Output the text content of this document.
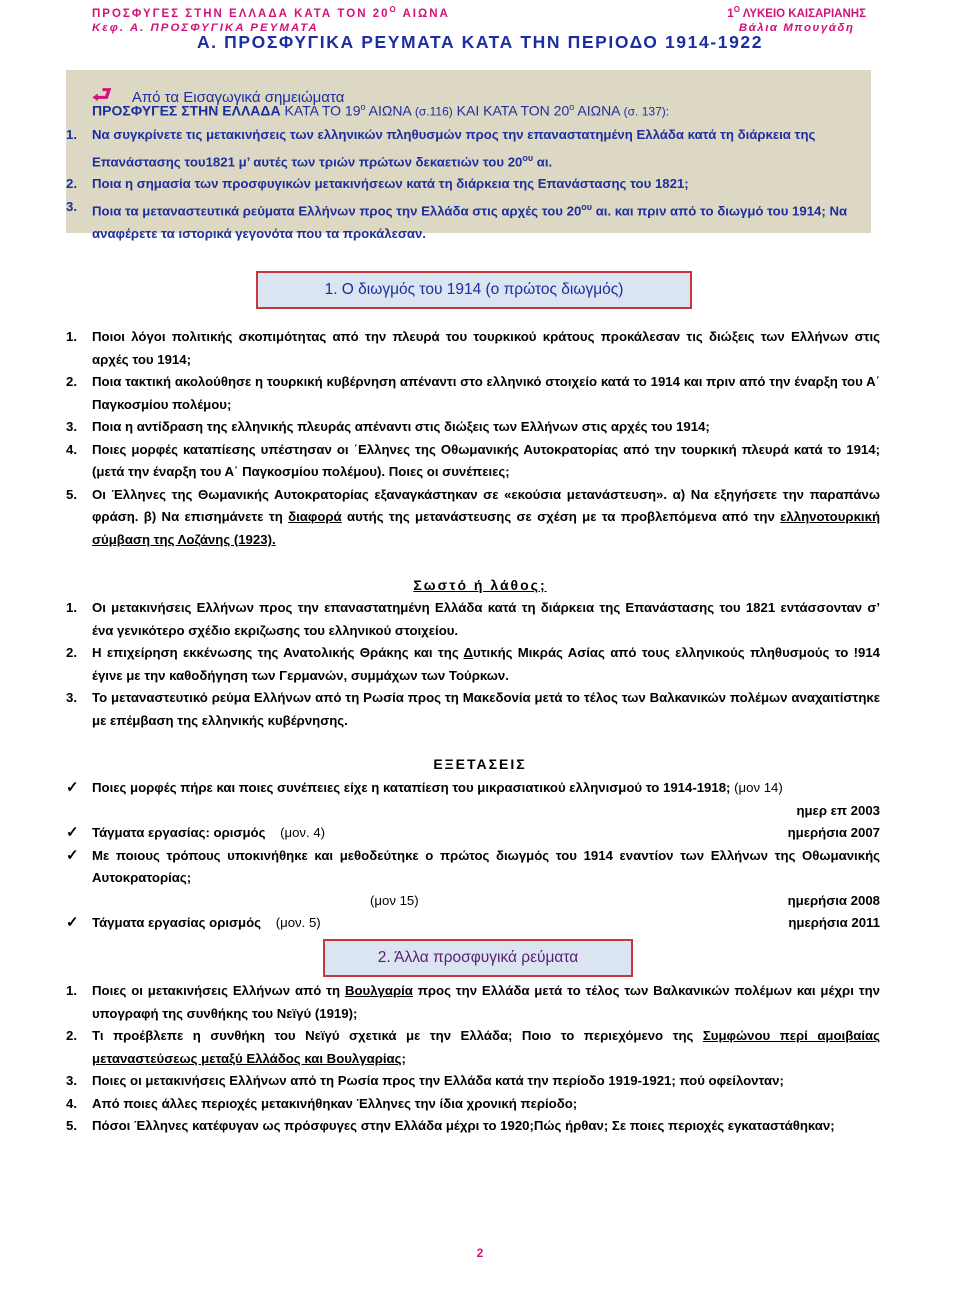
ΠΡΟΣΦΥΓΕΣ ΣΤΗΝ ΕΛΛΑΔΑ ΚΑΤΑ ΤΟΝ $20^O$ ΑΙΩΝΑ
Κεφ. Α. ΠΡΟΣΦΥΓΙΚΑ ΡΕΥΜΑΤΑ
$1^O$ ΛΥΚΕΙΟ ΚΑΙΣΑΡΙΑΝΗΣ
Βάλια Μπουγάδη
Α. ΠΡΟΣΦΥΓΙΚΑ ΡΕΥΜΑΤΑ ΚΑΤΑ ΤΗΝ ΠΕΡΙΟΔΟ 1914-1922
⮐ Από τα Εισαγωγικά σημειώματα
ΠΡΟΣΦΥΓΕΣ ΣΤΗΝ ΕΛΛΑΔΑ ΚΑΤΑ ΤΟ $19^o$ ΑΙΩΝΑ (σ.116) ΚΑΙ ΚΑΤΑ ΤΟΝ $20^o$ ΑΙΩΝΑ (σ. 137):
1.	Να συγκρίνετε τις μετακινήσεις των ελληνικών πληθυσμών προς την επαναστατημένη Ελλάδα κατά τη διάρκεια της Επανάστασης του1821 μ’ αυτές των τριών πρώτων δεκαετιών του $20^{o\upsilon}$ αι.
2.	Ποια η σημασία των προσφυγικών μετακινήσεων κατά τη διάρκεια της Επανάστασης του 1821;
3.	Ποια τα μεταναστευτικά ρεύματα Ελλήνων προς την Ελλάδα στις αρχές του $20^{o\upsilon}$ αι. και πριν από το διωγμό του 1914; Να αναφέρετε τα ιστορικά γεγονότα που τα προκάλεσαν.
1. Ο διωγμός του 1914 (ο πρώτος διωγμός)
1.	Ποιοι λόγοι πολιτικής σκοπιμότητας από την πλευρά του τουρκικού κράτους προκάλεσαν τις διώξεις των Ελλήνων στις αρχές του 1914;
2.	Ποια τακτική ακολούθησε η τουρκική κυβέρνηση απέναντι στο ελληνικό στοιχείο κατά το 1914 και πριν από την έναρξη του Α΄ Παγκοσμίου πολέμου;
3.	Ποια η αντίδραση της ελληνικής πλευράς απέναντι στις διώξεις των Ελλήνων στις αρχές του 1914;
4.	Ποιες μορφές καταπίεσης υπέστησαν οι ΄Ελληνες της Οθωμανικής Αυτοκρατορίας από την τουρκική πλευρά κατά το 1914; (μετά την έναρξη του Α΄ Παγκοσμίου πολέμου). Ποιες οι συνέπειες;
5.	Οι Έλληνες της Θωμανικής Αυτοκρατορίας εξαναγκάστηκαν σε «εκούσια μετανάστευση». α) Να εξηγήσετε την παραπάνω φράση. β) Να επισημάνετε τη διαφορά αυτής της μετανάστευσης σε σχέση με τα προβλεπόμενα από την ελληνοτουρκική σύμβαση της Λοζάνης (1923).
Σωστό ή λάθος;
1.	Οι μετακινήσεις Ελλήνων προς την επαναστατημένη Ελλάδα κατά τη διάρκεια της Επανάστασης του 1821 εντάσσονταν σ’ ένα γενικότερο σχέδιο εκριζωσης του ελληνικού στοιχείου.
2.	Η επιχείρηση εκκένωσης της Ανατολικής Θράκης και της Δυτικής Μικράς Ασίας από τους ελληνικούς πληθυσμούς το !914 έγινε με την καθοδήγηση των Γερμανών, συμμάχων των Τούρκων.
3.	Το μεταναστευτικό ρεύμα Ελλήνων από τη Ρωσία προς τη Μακεδονία μετά το τέλος των Βαλκανικών πολέμων αναχαιτίστηκε με επέμβαση της ελληνικής κυβέρνησης.
ΕΞΕΤΑΣΕΙΣ
✓	Ποιες μορφές πήρε και ποιες συνέπειες είχε η καταπίεση του μικρασιατικού ελληνισμού το 1914-1918; (μον 14)
ημερ επ 2003
✓	Τάγματα εργασίας: ορισμός (μον. 4)	ημερήσια 2007
✓	Με ποιους τρόπους υποκινήθηκε και μεθοδεύτηκε ο πρώτος διωγμός του 1914 εναντίον των Ελλήνων της Οθωμανικής Αυτοκρατορίας;
(μον 15)	ημερήσια 2008
✓	Τάγματα εργασίας ορισμός (μον. 5)	ημερήσια 2011
2. Άλλα προσφυγικά ρεύματα
1.	Ποιες οι μετακινήσεις Ελλήνων από τη Βουλγαρία προς την Ελλάδα μετά το τέλος των Βαλκανικών πολέμων και μέχρι την υπογραφή της συνθήκης του Νεϊγύ (1919);
2.	Τι προέβλεπε η συνθήκη του Νεϊγύ σχετικά με την Ελλάδα; Ποιο το περιεχόμενο της Συμφώνου περί αμοιβαίας μεταναστεύσεως μεταξύ Ελλάδος και Βουλγαρίας;
3.	Ποιες οι μετακινήσεις Ελλήνων από τη Ρωσία προς την Ελλάδα κατά την περίοδο 1919-1921; πού οφείλονταν;
4.	Από ποιες άλλες περιοχές μετακινήθηκαν Έλληνες την ίδια χρονική περίοδο;
5.	Πόσοι Έλληνες κατέφυγαν ως πρόσφυγες στην Ελλάδα μέχρι το 1920;Πώς ήρθαν; Σε ποιες περιοχές εγκαταστάθηκαν;
2
